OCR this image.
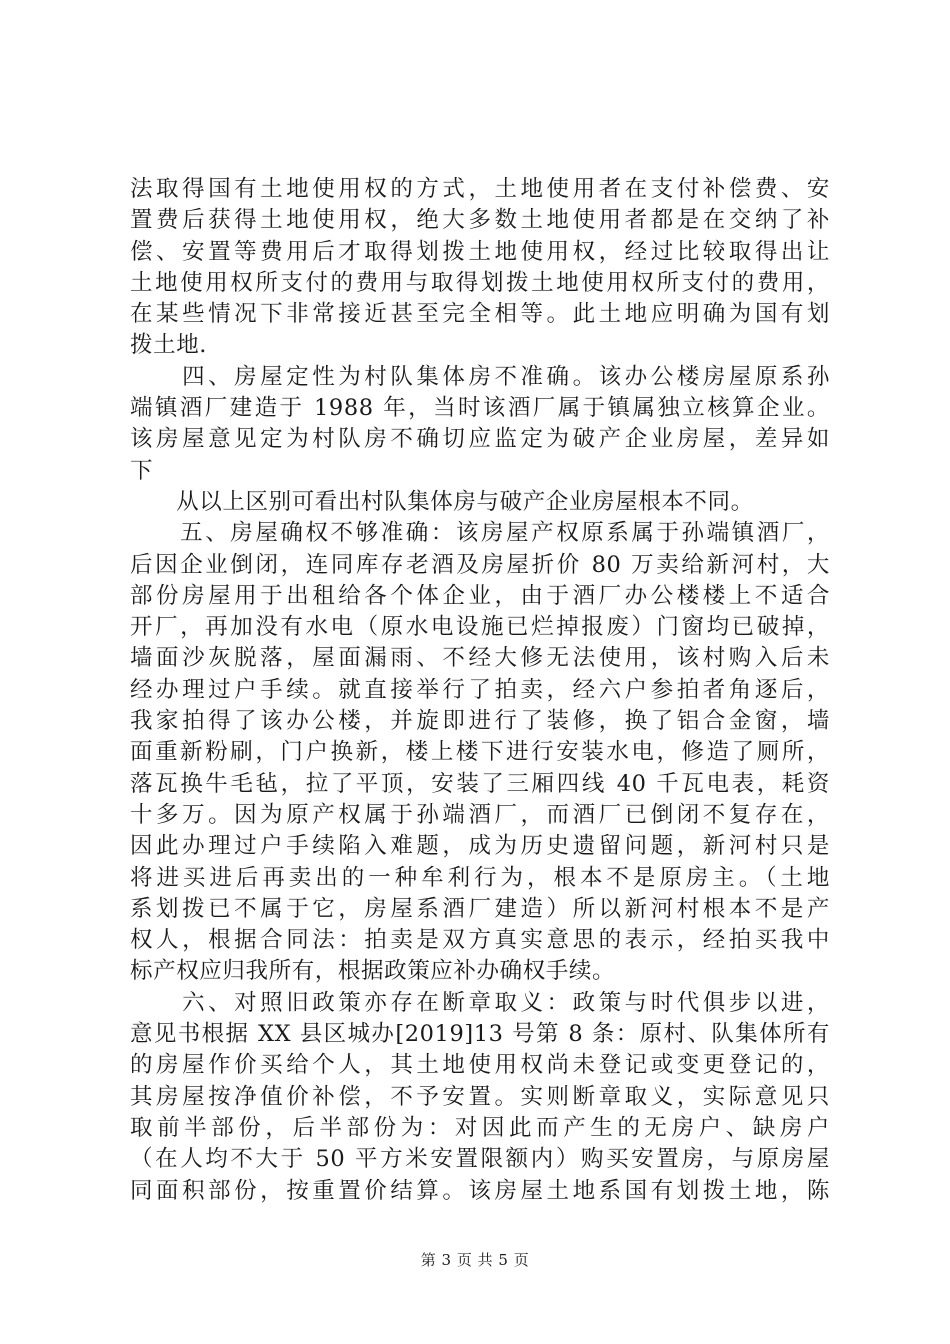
法取得国有土地使用权的方式，土地使用者在支付补偿费、安
置费后获得土地使用权，绝大多数土地使用者都是在交纳了补
偿、安置等费用后才取得划拨土地使用权，经过比较取得出让
土地使用权所支付的费用与取得划拨土地使用权所支付的费用，
在某些情况下非常接近甚至完全相等。此土地应明确为国有划
拨土地.
　　四、房屋定性为村队集体房不准确。该办公楼房屋原系孙
端镇酒厂建造于 1988 年，当时该酒厂属于镇属独立核算企业。
该房屋意见定为村队房不确切应监定为破产企业房屋，差异如
下
　　从以上区别可看出村队集体房与破产企业房屋根本不同。
　　五、房屋确权不够准确：该房屋产权原系属于孙端镇酒厂，
后因企业倒闭，连同库存老酒及房屋折价 80 万卖给新河村，大
部份房屋用于出租给各个体企业，由于酒厂办公楼楼上不适合
开厂，再加没有水电（原水电设施已烂掉报废）门窗均已破掉，
墙面沙灰脱落，屋面漏雨、不经大修无法使用，该村购入后未
经办理过户手续。就直接举行了拍卖，经六户参拍者角逐后，
我家拍得了该办公楼，并旋即进行了装修，换了铝合金窗，墙
面重新粉刷，门户换新，楼上楼下进行安装水电，修造了厕所，
落瓦换牛毛毡，拉了平顶，安装了三厢四线 40 千瓦电表，耗资
十多万。因为原产权属于孙端酒厂，而酒厂已倒闭不复存在，
因此办理过户手续陷入难题，成为历史遗留问题，新河村只是
将进买进后再卖出的一种牟利行为，根本不是原房主。（土地
系划拨已不属于它，房屋系酒厂建造）所以新河村根本不是产
权人，根据合同法：拍卖是双方真实意思的表示，经拍买我中
标产权应归我所有，根据政策应补办确权手续。
　　六、对照旧政策亦存在断章取义：政策与时代俱步以进，
意见书根据 XX 县区城办[2019]13 号第 8 条：原村、队集体所有
的房屋作价买给个人，其土地使用权尚未登记或变更登记的，
其房屋按净值价补偿，不予安置。实则断章取义，实际意见只
取前半部份，后半部份为：对因此而产生的无房户、缺房户
（在人均不大于 50 平方米安置限额内）购买安置房，与原房屋
同面积部份，按重置价结算。该房屋土地系国有划拨土地，陈
第 3 页 共 5 页
